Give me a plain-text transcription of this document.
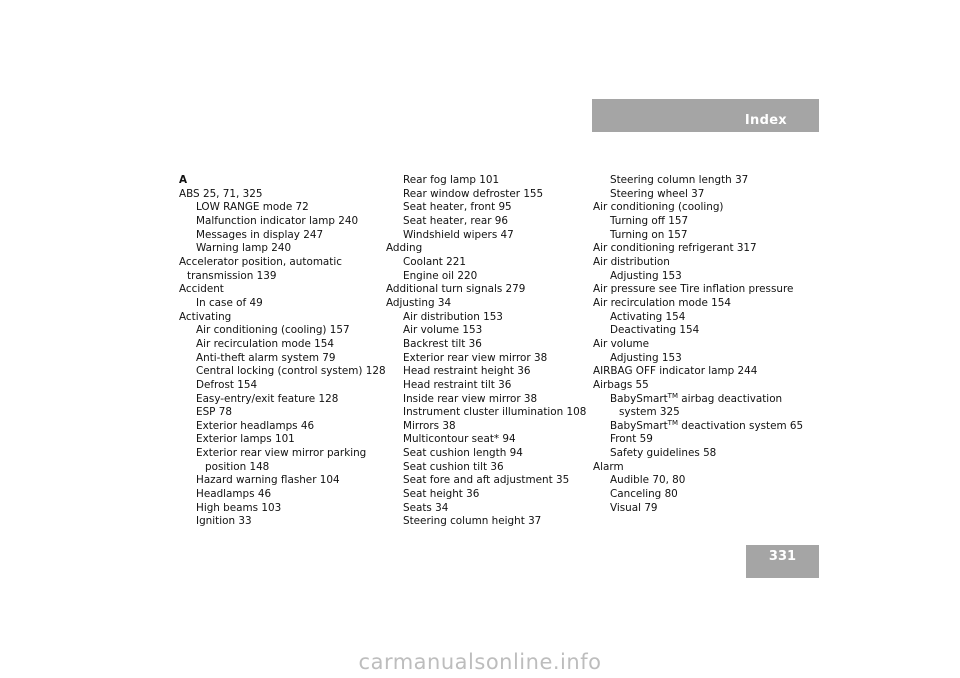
Index
A
ABS 25, 71, 325
LOW RANGE mode 72
Malfunction indicator lamp 240
Messages in display 247
Warning lamp 240
Accelerator position, automatic
transmission 139
Accident
In case of 49
Activating
Air conditioning (cooling) 157
Air recirculation mode 154
Anti-theft alarm system 79
Central locking (control system) 128
Defrost 154
Easy-entry/exit feature 128
ESP 78
Exterior headlamps 46
Exterior lamps 101
Exterior rear view mirror parking
position 148
Hazard warning flasher 104
Headlamps 46
High beams 103
Ignition 33
Rear fog lamp 101
Rear window defroster 155
Seat heater, front 95
Seat heater, rear 96
Windshield wipers 47
Adding
Coolant 221
Engine oil 220
Additional turn signals 279
Adjusting 34
Air distribution 153
Air volume 153
Backrest tilt 36
Exterior rear view mirror 38
Head restraint height 36
Head restraint tilt 36
Inside rear view mirror 38
Instrument cluster illumination 108
Mirrors 38
Multicontour seat* 94
Seat cushion length 94
Seat cushion tilt 36
Seat fore and aft adjustment 35
Seat height 36
Seats 34
Steering column height 37
Steering column length 37
Steering wheel 37
Air conditioning (cooling)
Turning off 157
Turning on 157
Air conditioning refrigerant 317
Air distribution
Adjusting 153
Air pressure see Tire inflation pressure
Air recirculation mode 154
Activating 154
Deactivating 154
Air volume
Adjusting 153
AIRBAG OFF indicator lamp 244
Airbags 55
BabySmart™ airbag deactivation
system 325
BabySmart™ deactivation system 65
Front 59
Safety guidelines 58
Alarm
Audible 70, 80
Canceling 80
Visual 79
331
carmanualsonline.info
